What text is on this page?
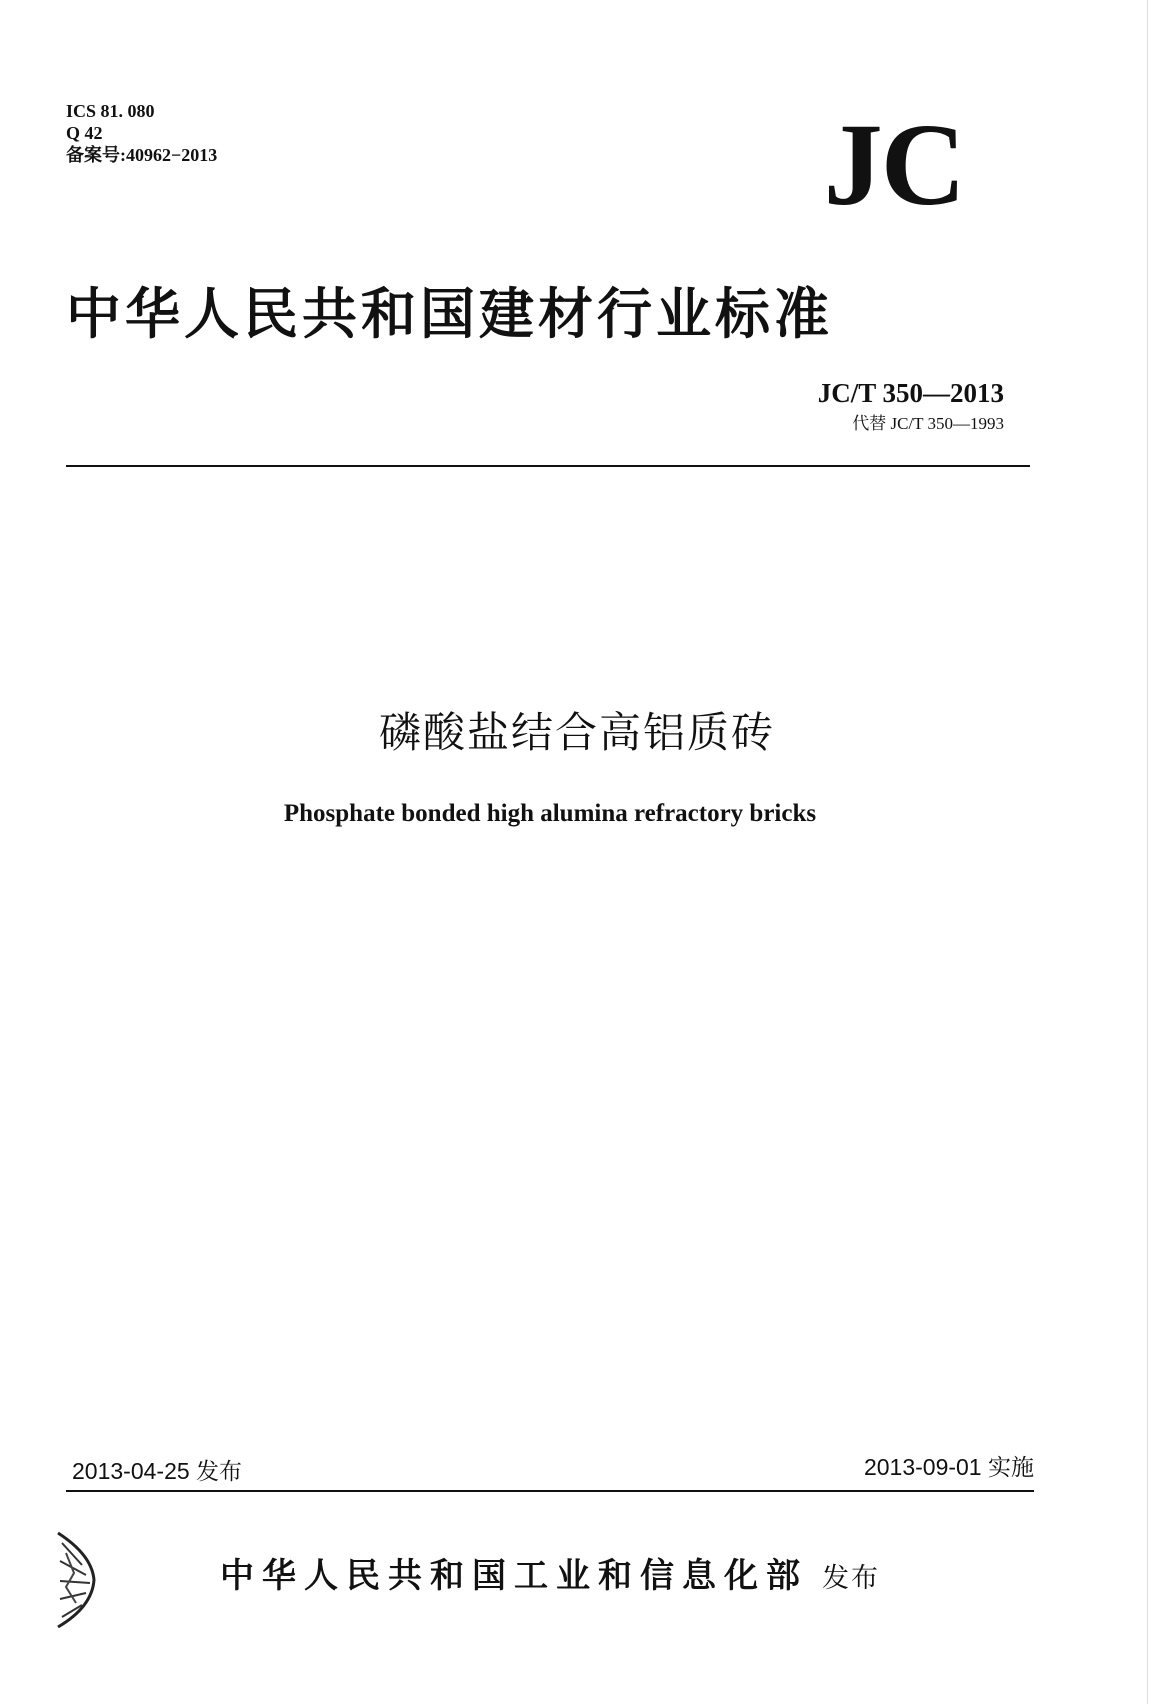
ICS 81. 080
Q 42
备案号:40962−2013	JC
中华人民共和国建材行业标准
JC/T 350—2013
代替 JC/T 350—1993
磷酸盐结合高铝质砖
Phosphate bonded high alumina refractory bricks
2013-04-25 发布	2013-09-01 实施
中华人民共和国工业和信息化部 发布
